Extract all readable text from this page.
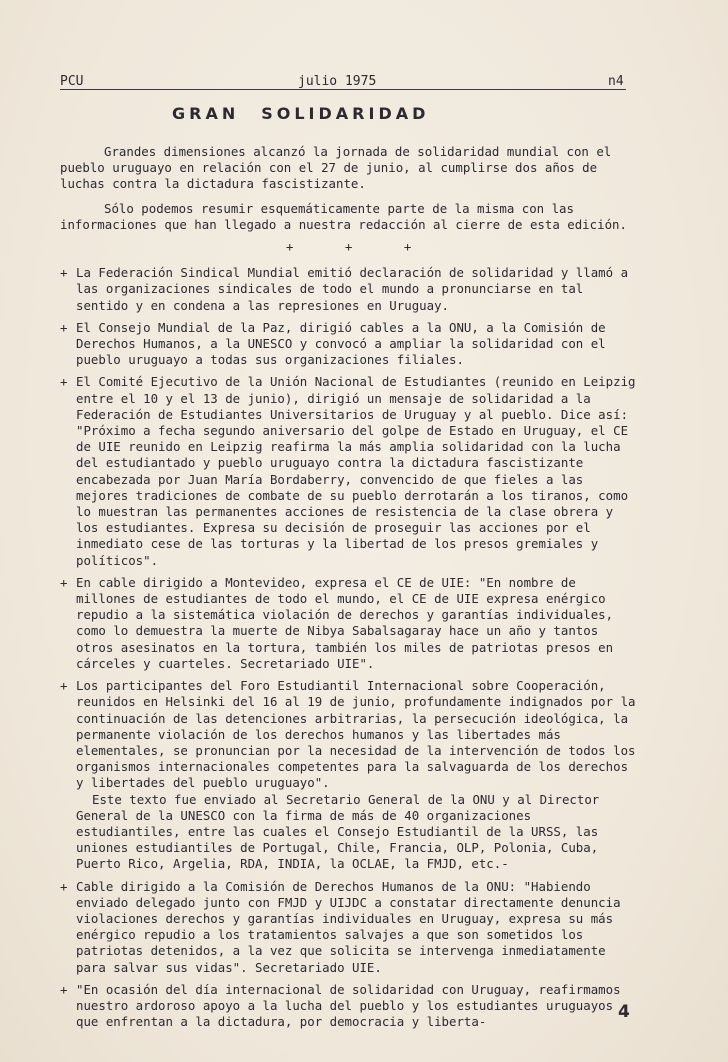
PCU	julio 1975	n4
GRAN SOLIDARIDAD

Grandes dimensiones alcanzó la jornada de solidaridad mundial con el pueblo uruguayo en relación con el 27 de junio, al cumplirse dos años de luchas contra la dictadura fascistizante.

Sólo podemos resumir esquemáticamente parte de la misma con las informaciones que han llegado a nuestra redacción al cierre de esta edición.

+ + +
+ La Federación Sindical Mundial emitió declaración de solidaridad y llamó a las organizaciones sindicales de todo el mundo a pronunciarse en tal sentido y en condena a las represiones en Uruguay.
+ El Consejo Mundial de la Paz, dirigió cables a la ONU, a la Comisión de Derechos Humanos, a la UNESCO y convocó a ampliar la solidaridad con el pueblo uruguayo a todas sus organizaciones filiales.
+ El Comité Ejecutivo de la Unión Nacional de Estudiantes (reunido en Leipzig entre el 10 y el 13 de junio), dirigió un mensaje de solidaridad a la Federación de Estudiantes Universitarios de Uruguay y al pueblo. Dice así: "Próximo a fecha segundo aniversario del golpe de Estado en Uruguay, el CE de UIE reunido en Leipzig reafirma la más amplia solidaridad con la lucha del estudiantado y pueblo uruguayo contra la dictadura fascistizante encabezada por Juan María Bordaberry, convencido de que fieles a las mejores tradiciones de combate de su pueblo derrotarán a los tiranos, como lo muestran las permanentes acciones de resistencia de la clase obrera y los estudiantes. Expresa su decisión de proseguir las acciones por el inmediato cese de las torturas y la libertad de los presos gremiales y políticos".
+ En cable dirigido a Montevideo, expresa el CE de UIE: "En nombre de millones de estudiantes de todo el mundo, el CE de UIE expresa enérgico repudio a la sistemática violación de derechos y garantías individuales, como lo demuestra la muerte de Nibya Sabalsagaray hace un año y tantos otros asesinatos en la tortura, también los miles de patriotas presos en cárceles y cuarteles. Secretariado UIE".
+ Los participantes del Foro Estudiantil Internacional sobre Cooperación, reunidos en Helsinki del 16 al 19 de junio, profundamente indignados por la continuación de las detenciones arbitrarias, la persecución ideológica, la permanente violación de los derechos humanos y las libertades más elementales, se pronuncian por la necesidad de la intervención de todos los organismos internacionales competentes para la salvaguarda de los derechos y libertades del pueblo uruguayo".
Este texto fue enviado al Secretario General de la ONU y al Director General de la UNESCO con la firma de más de 40 organizaciones estudiantiles, entre las cuales el Consejo Estudiantil de la URSS, las uniones estudiantiles de Portugal, Chile, Francia, OLP, Polonia, Cuba, Puerto Rico, Argelia, RDA, INDIA, la OCLAE, la FMJD, etc.-
+ Cable dirigido a la Comisión de Derechos Humanos de la ONU: "Habiendo enviado delegado junto con FMJD y UIJDC a constatar directamente denuncia violaciones derechos y garantías individuales en Uruguay, expresa su más enérgico repudio a los tratamientos salvajes a que son sometidos los patriotas detenidos, a la vez que solicita se intervenga inmediatamente para salvar sus vidas". Secretariado UIE.
+ "En ocasión del día internacional de solidaridad con Uruguay, reafirmamos nuestro ardoroso apoyo a la lucha del pueblo y los estudiantes uruguayos que enfrentan a la dictadura, por democracia y liberta-	4
